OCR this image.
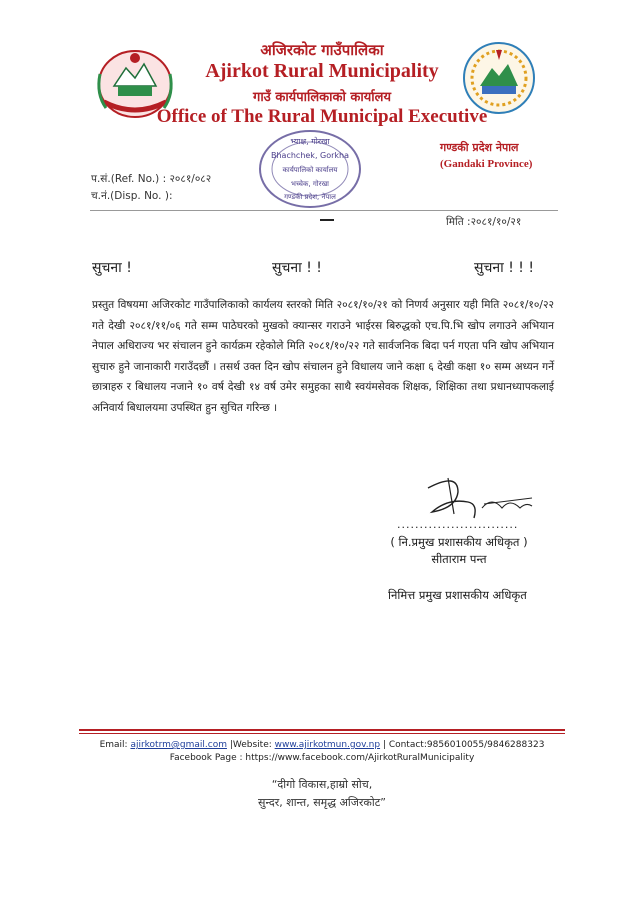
अजिरकोट गाउँपालिका
Ajirkot Rural Municipality
गाउँ कार्यपालिकाको कार्यालय
Office of The Rural Municipal Executive
भ्याक्ष, गोरखा
Bhachchek, Gorkha
कार्यपालिको कार्यालय
भच्चेक, गोरखा
गण्डकी प्रदेश, नेपाल
गण्डकी प्रदेश नेपाल
(Gandaki Province)
प.सं.(Ref. No.) : २०८१/०८२
च.नं.(Disp. No. ):
मिति :२०८१/१०/२१
सुचना !	सुचना ! !	सुचना ! ! !
प्रस्तुत विषयमा अजिरकोट गाउँपालिकाको कार्यलय स्तरको मिति २०८१/१०/२१ को निणर्य अनुसार यही मिति २०८१/१०/२२ गते देखी २०८१/११/०६ गते सम्म पाठेघरको मुखको क्यान्सर गराउने भाईरस बिरुद्धको एच.पि.भि खोप लगाउने अभियान नेपाल अधिराज्य भर संचालन हुने कार्यक्रम रहेकोले मिति २०८१/१०/२२ गते सार्वजनिक बिदा पर्न गएता पनि खोप अभियान सुचारु हुने जानाकारी गराउँदछौं । तसर्थ उक्त दिन खोप संचालन हुने विधालय जाने कक्षा ६ देखी कक्षा १० सम्म अध्यन गर्ने छात्राहरु र बिधालय नजाने १० वर्ष देखी १४ वर्ष उमेर समुहका साथै स्वयंमसेवक शिक्षक, शिक्षिका तथा प्रधानध्यापकलाई अनिवार्य बिधालयमा उपस्थित हुन सुचित गरिन्छ ।
...........................
( नि.प्रमुख प्रशासकीय अधिकृत )
सीताराम पन्त
निमित्त प्रमुख प्रशासकीय अधिकृत
Email: ajirkotrm@gmail.com |Website: www.ajirkotmun.gov.np | Contact:9856010055/9846288323
Facebook Page : https://www.facebook.com/AjirkotRuralMunicipality
“दीगो विकास,हाम्रो सोच,
सुन्दर, शान्त, समृद्ध अजिरकोट”
